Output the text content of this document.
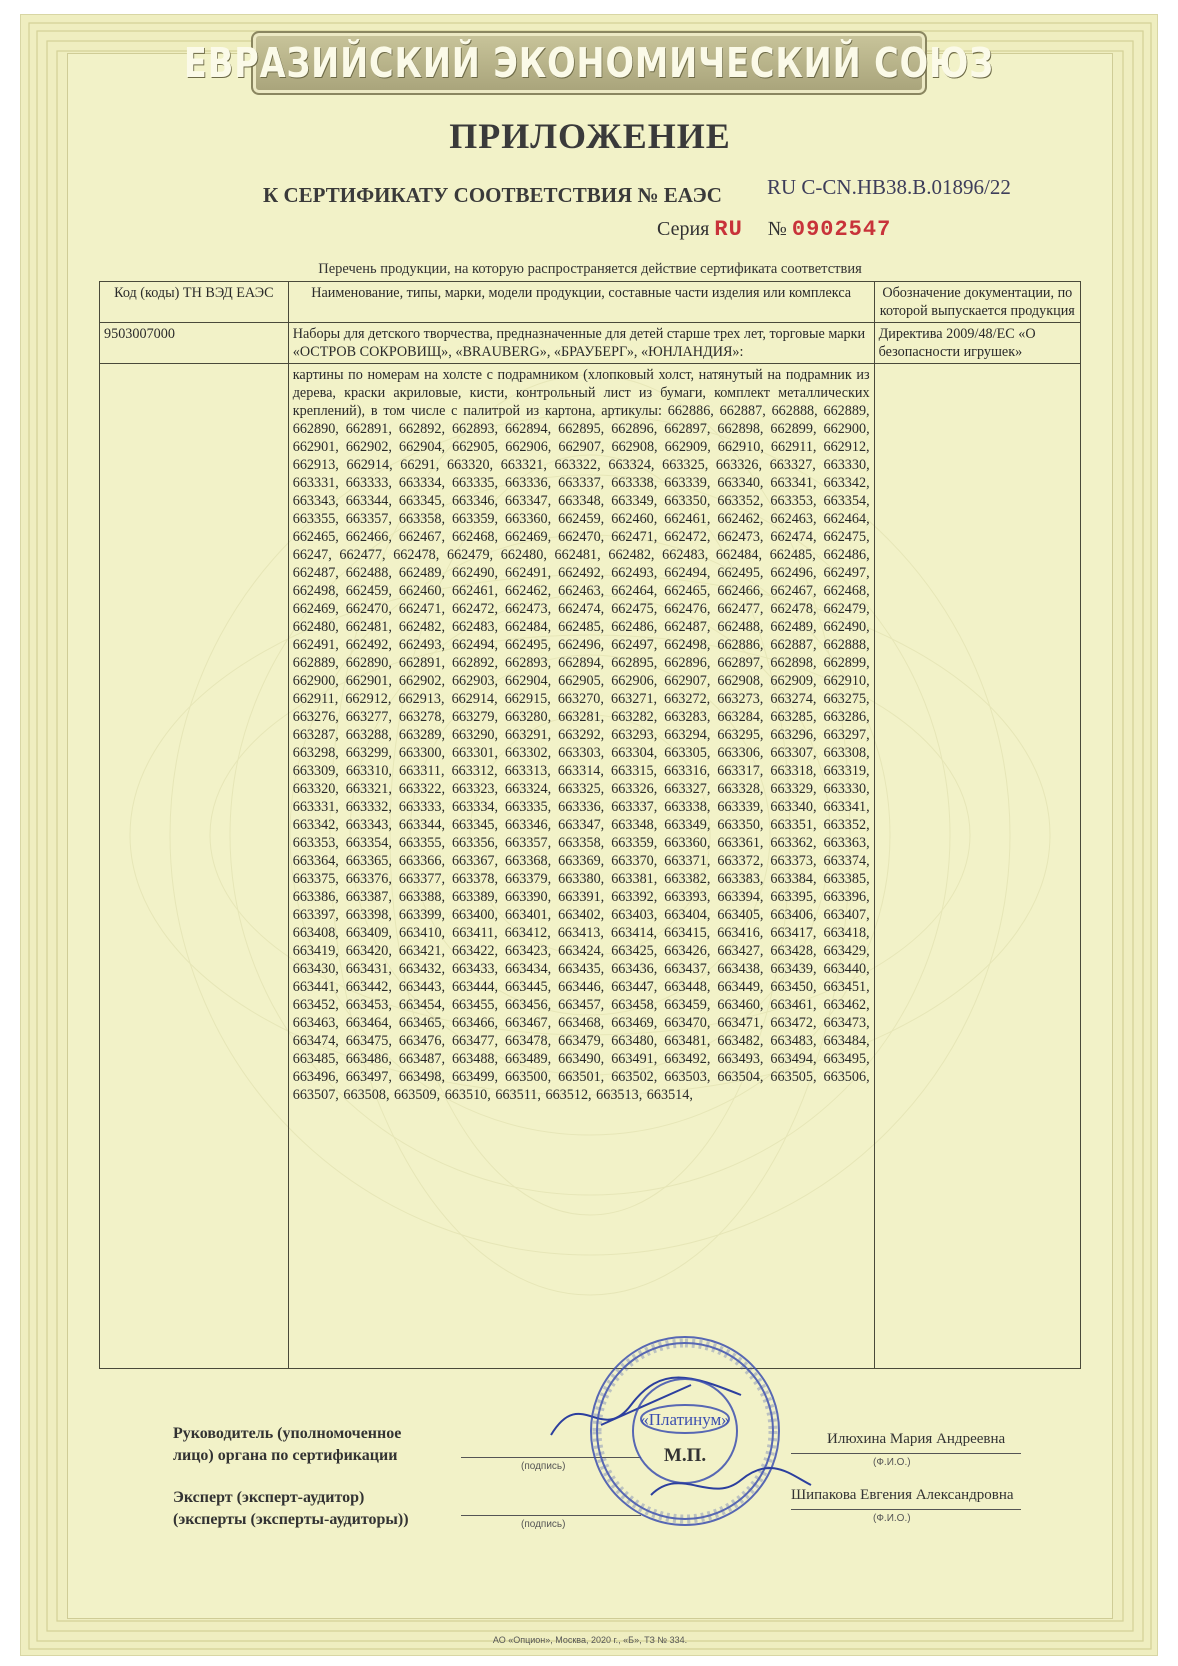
ЕВРАЗИЙСКИЙ ЭКОНОМИЧЕСКИЙ СОЮЗ
ПРИЛОЖЕНИЕ
К СЕРТИФИКАТУ СООТВЕТСТВИЯ № ЕАЭС RU C-CN.HB38.B.01896/22
Серия RU № 0902547
Перечень продукции, на которую распространяется действие сертификата соответствия
Код (коды) ТН ВЭД ЕАЭС	Наименование, типы, марки, модели продукции, составные части изделия или комплекса	Обозначение документации, по которой выпускается продукция
9503007000	Наборы для детского творчества, предназначенные для детей старше трех лет, торговые марки «ОСТРОВ СОКРОВИЩ», «BRAUBERG», «БРАУБЕРГ», «ЮНЛАНДИЯ»:	Директива 2009/48/ЕС «О безопасности игрушек»
	картины по номерам на холсте с подрамником (хлопковый холст, натянутый на подрамник из дерева, краски акриловые, кисти, контрольный лист из бумаги, комплект металлических креплений), в том числе с палитрой из картона, артикулы: 662886, 662887, 662888, 662889, 662890, 662891, 662892, 662893, 662894, 662895, 662896, 662897, 662898, 662899, 662900, 662901, 662902, 662904, 662905, 662906, 662907, 662908, 662909, 662910, 662911, 662912, 662913, 662914, 66291, 663320, 663321, 663322, 663324, 663325, 663326, 663327, 663330, 663331, 663333, 663334, 663335, 663336, 663337, 663338, 663339, 663340, 663341, 663342, 663343, 663344, 663345, 663346, 663347, 663348, 663349, 663350, 663352, 663353, 663354, 663355, 663357, 663358, 663359, 663360, 662459, 662460, 662461, 662462, 662463, 662464, 662465, 662466, 662467, 662468, 662469, 662470, 662471, 662472, 662473, 662474, 662475, 66247, 662477, 662478, 662479, 662480, 662481, 662482, 662483, 662484, 662485, 662486, 662487, 662488, 662489, 662490, 662491, 662492, 662493, 662494, 662495, 662496, 662497, 662498, 662459, 662460, 662461, 662462, 662463, 662464, 662465, 662466, 662467, 662468, 662469, 662470, 662471, 662472, 662473, 662474, 662475, 662476, 662477, 662478, 662479, 662480, 662481, 662482, 662483, 662484, 662485, 662486, 662487, 662488, 662489, 662490, 662491, 662492, 662493, 662494, 662495, 662496, 662497, 662498, 662886, 662887, 662888, 662889, 662890, 662891, 662892, 662893, 662894, 662895, 662896, 662897, 662898, 662899, 662900, 662901, 662902, 662903, 662904, 662905, 662906, 662907, 662908, 662909, 662910, 662911, 662912, 662913, 662914, 662915, 663270, 663271, 663272, 663273, 663274, 663275, 663276, 663277, 663278, 663279, 663280, 663281, 663282, 663283, 663284, 663285, 663286, 663287, 663288, 663289, 663290, 663291, 663292, 663293, 663294, 663295, 663296, 663297, 663298, 663299, 663300, 663301, 663302, 663303, 663304, 663305, 663306, 663307, 663308, 663309, 663310, 663311, 663312, 663313, 663314, 663315, 663316, 663317, 663318, 663319, 663320, 663321, 663322, 663323, 663324, 663325, 663326, 663327, 663328, 663329, 663330, 663331, 663332, 663333, 663334, 663335, 663336, 663337, 663338, 663339, 663340, 663341, 663342, 663343, 663344, 663345, 663346, 663347, 663348, 663349, 663350, 663351, 663352, 663353, 663354, 663355, 663356, 663357, 663358, 663359, 663360, 663361, 663362, 663363, 663364, 663365, 663366, 663367, 663368, 663369, 663370, 663371, 663372, 663373, 663374, 663375, 663376, 663377, 663378, 663379, 663380, 663381, 663382, 663383, 663384, 663385, 663386, 663387, 663388, 663389, 663390, 663391, 663392, 663393, 663394, 663395, 663396, 663397, 663398, 663399, 663400, 663401, 663402, 663403, 663404, 663405, 663406, 663407, 663408, 663409, 663410, 663411, 663412, 663413, 663414, 663415, 663416, 663417, 663418, 663419, 663420, 663421, 663422, 663423, 663424, 663425, 663426, 663427, 663428, 663429, 663430, 663431, 663432, 663433, 663434, 663435, 663436, 663437, 663438, 663439, 663440, 663441, 663442, 663443, 663444, 663445, 663446, 663447, 663448, 663449, 663450, 663451, 663452, 663453, 663454, 663455, 663456, 663457, 663458, 663459, 663460, 663461, 663462, 663463, 663464, 663465, 663466, 663467, 663468, 663469, 663470, 663471, 663472, 663473, 663474, 663475, 663476, 663477, 663478, 663479, 663480, 663481, 663482, 663483, 663484, 663485, 663486, 663487, 663488, 663489, 663490, 663491, 663492, 663493, 663494, 663495, 663496, 663497, 663498, 663499, 663500, 663501, 663502, 663503, 663504, 663505, 663506, 663507, 663508, 663509, 663510, 663511, 663512, 663513, 663514,	
Руководитель (уполномоченное
лицо) органа по сертификации
(подпись)
Илюхина Мария Андреевна
(Ф.И.О.)
Эксперт (эксперт-аудитор)
(эксперты (эксперты-аудиторы))	(подпись)
Шипакова Евгения Александровна
(Ф.И.О.)
«Платинум»
М.П.
АО «Опцион», Москва, 2020 г., «Б», ТЗ № 334.
